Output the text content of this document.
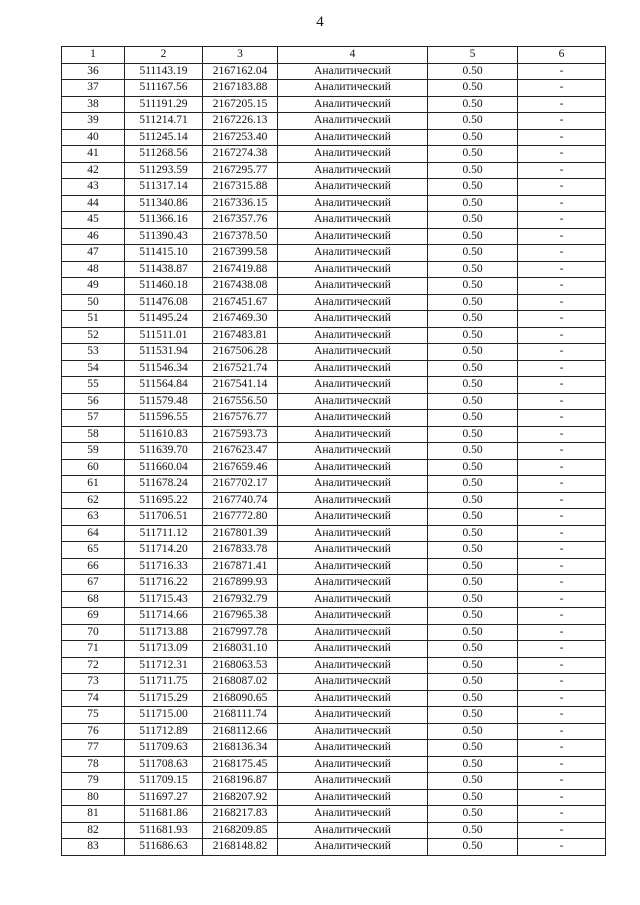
4
1	2	3	4	5	6
36	511143.19	2167162.04	Аналитический	0.50	-
37	511167.56	2167183.88	Аналитический	0.50	-
38	511191.29	2167205.15	Аналитический	0.50	-
39	511214.71	2167226.13	Аналитический	0.50	-
40	511245.14	2167253.40	Аналитический	0.50	-
41	511268.56	2167274.38	Аналитический	0.50	-
42	511293.59	2167295.77	Аналитический	0.50	-
43	511317.14	2167315.88	Аналитический	0.50	-
44	511340.86	2167336.15	Аналитический	0.50	-
45	511366.16	2167357.76	Аналитический	0.50	-
46	511390.43	2167378.50	Аналитический	0.50	-
47	511415.10	2167399.58	Аналитический	0.50	-
48	511438.87	2167419.88	Аналитический	0.50	-
49	511460.18	2167438.08	Аналитический	0.50	-
50	511476.08	2167451.67	Аналитический	0.50	-
51	511495.24	2167469.30	Аналитический	0.50	-
52	511511.01	2167483.81	Аналитический	0.50	-
53	511531.94	2167506.28	Аналитический	0.50	-
54	511546.34	2167521.74	Аналитический	0.50	-
55	511564.84	2167541.14	Аналитический	0.50	-
56	511579.48	2167556.50	Аналитический	0.50	-
57	511596.55	2167576.77	Аналитический	0.50	-
58	511610.83	2167593.73	Аналитический	0.50	-
59	511639.70	2167623.47	Аналитический	0.50	-
60	511660.04	2167659.46	Аналитический	0.50	-
61	511678.24	2167702.17	Аналитический	0.50	-
62	511695.22	2167740.74	Аналитический	0.50	-
63	511706.51	2167772.80	Аналитический	0.50	-
64	511711.12	2167801.39	Аналитический	0.50	-
65	511714.20	2167833.78	Аналитический	0.50	-
66	511716.33	2167871.41	Аналитический	0.50	-
67	511716.22	2167899.93	Аналитический	0.50	-
68	511715.43	2167932.79	Аналитический	0.50	-
69	511714.66	2167965.38	Аналитический	0.50	-
70	511713.88	2167997.78	Аналитический	0.50	-
71	511713.09	2168031.10	Аналитический	0.50	-
72	511712.31	2168063.53	Аналитический	0.50	-
73	511711.75	2168087.02	Аналитический	0.50	-
74	511715.29	2168090.65	Аналитический	0.50	-
75	511715.00	2168111.74	Аналитический	0.50	-
76	511712.89	2168112.66	Аналитический	0.50	-
77	511709.63	2168136.34	Аналитический	0.50	-
78	511708.63	2168175.45	Аналитический	0.50	-
79	511709.15	2168196.87	Аналитический	0.50	-
80	511697.27	2168207.92	Аналитический	0.50	-
81	511681.86	2168217.83	Аналитический	0.50	-
82	511681.93	2168209.85	Аналитический	0.50	-
83	511686.63	2168148.82	Аналитический	0.50	-
